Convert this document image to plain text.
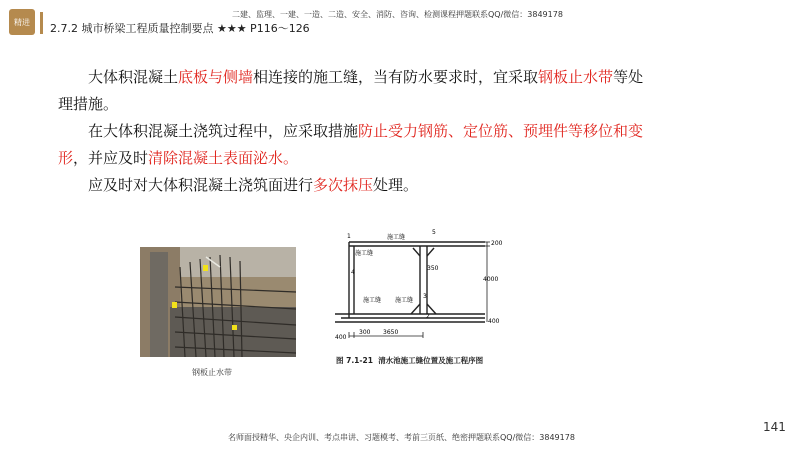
精进 2.7.2 城市桥梁工程质量控制要点 ★★★ P116～126
二建、监理、一建、一造、二造、安全、消防、咨询、检测课程押题联系QQ/微信：3849178

大体积混凝土底板与侧墙相连接的施工缝，当有防水要求时，宜采取钢板止水带等处理措施。

在大体积混凝土浇筑过程中，应采取措施防止受力钢筋、定位筋、预埋件等移位和变形，并应及时清除混凝土表面泌水。

应及时对大体积混凝土浇筑面进行多次抹压处理。

钢板止水带
施工缝
施工缝
施工缝 施工缝
5
1
2
3
4
200
350
4000
400
400
300 3650
图 7.1-21 清水池施工缝位置及施工程序图
141
名师面授精华、央企内训、考点串讲、习题模考、考前三页纸、绝密押题联系QQ/微信：3849178
